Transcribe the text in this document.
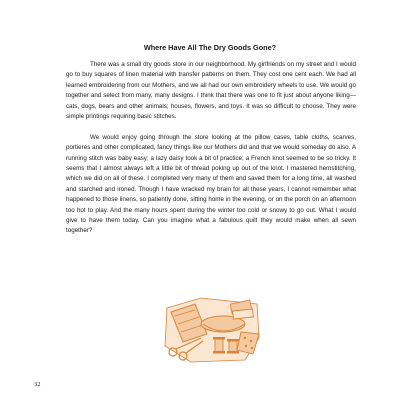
Where Have All The Dry Goods Gone?

There was a small dry goods store in our neighborhood. My girlfriends on my street and I would go to buy squares of linen material with transfer patterns on them. They cost one cent each. We had all learned embroidering from our Mothers, and we all had our own embroidery wheels to use. We would go together and select from many, many designs. I think that there was one to fit just about anyone liking—cats, dogs, bears and other animals; houses, flowers, and toys. It was so difficult to choose. They were simple printings requiring basic stitches.

We would enjoy going through the store looking at the pillow cases, table cloths, scarves, portieres and other complicated, fancy things like our Mothers did and that we would someday do also. A running stitch was baby easy; a lazy daisy took a bit of practice; a French knot seemed to be so tricky. It seems that I almost always left a little bit of thread poking up out of the knot. I mastered hemstitching, which we did on all of these. I completed very many of them and saved them for a long time, all washed and starched and ironed. Though I have wracked my brain for all these years, I cannot remember what happened to those linens, so patiently done, sitting home in the evening, or on the porch on an afternoon too hot to play. And the many hours spent during the winter too cold or snowy to go out. What I would give to have them today. Can you imagine what a fabulous quilt they would make when all sewn together?

32
